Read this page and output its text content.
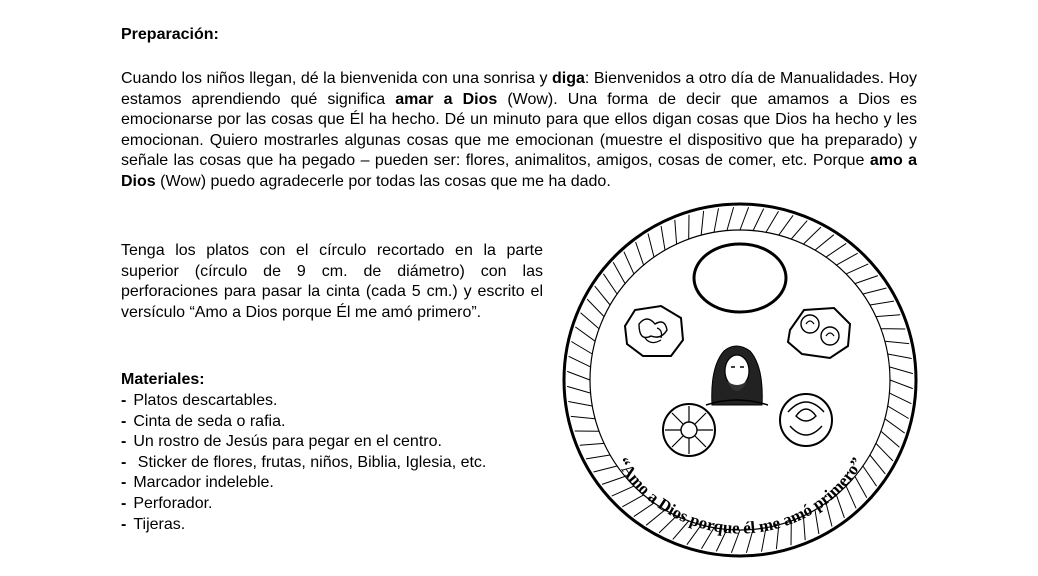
Preparación:
Cuando los niños llegan, dé la bienvenida con una sonrisa y diga: Bienvenidos a otro día de Manualidades. Hoy estamos aprendiendo qué significa amar a Dios (Wow). Una forma de decir que amamos a Dios es emocionarse por las cosas que Él ha hecho. Dé un minuto para que ellos digan cosas que Dios ha hecho y les emocionan. Quiero mostrarles algunas cosas que me emocionan (muestre el dispositivo que ha preparado) y señale las cosas que ha pegado – pueden ser: flores, animalitos, amigos, cosas de comer, etc. Porque amo a Dios (Wow) puedo agradecerle por todas las cosas que me ha dado.
Tenga los platos con el círculo recortado en la parte superior (círculo de 9 cm. de diámetro) con las perforaciones para pasar la cinta (cada 5 cm.) y escrito el versículo “Amo a Dios porque Él me amó primero”.
Materiales:
- Platos descartables.
- Cinta de seda o rafia.
- Un rostro de Jesús para pegar en el centro.
- Sticker de flores, frutas, niños, Biblia, Iglesia, etc.
- Marcador indeleble.
- Perforador.
- Tijeras.
“Amo a Dios porque él me amó primero”
